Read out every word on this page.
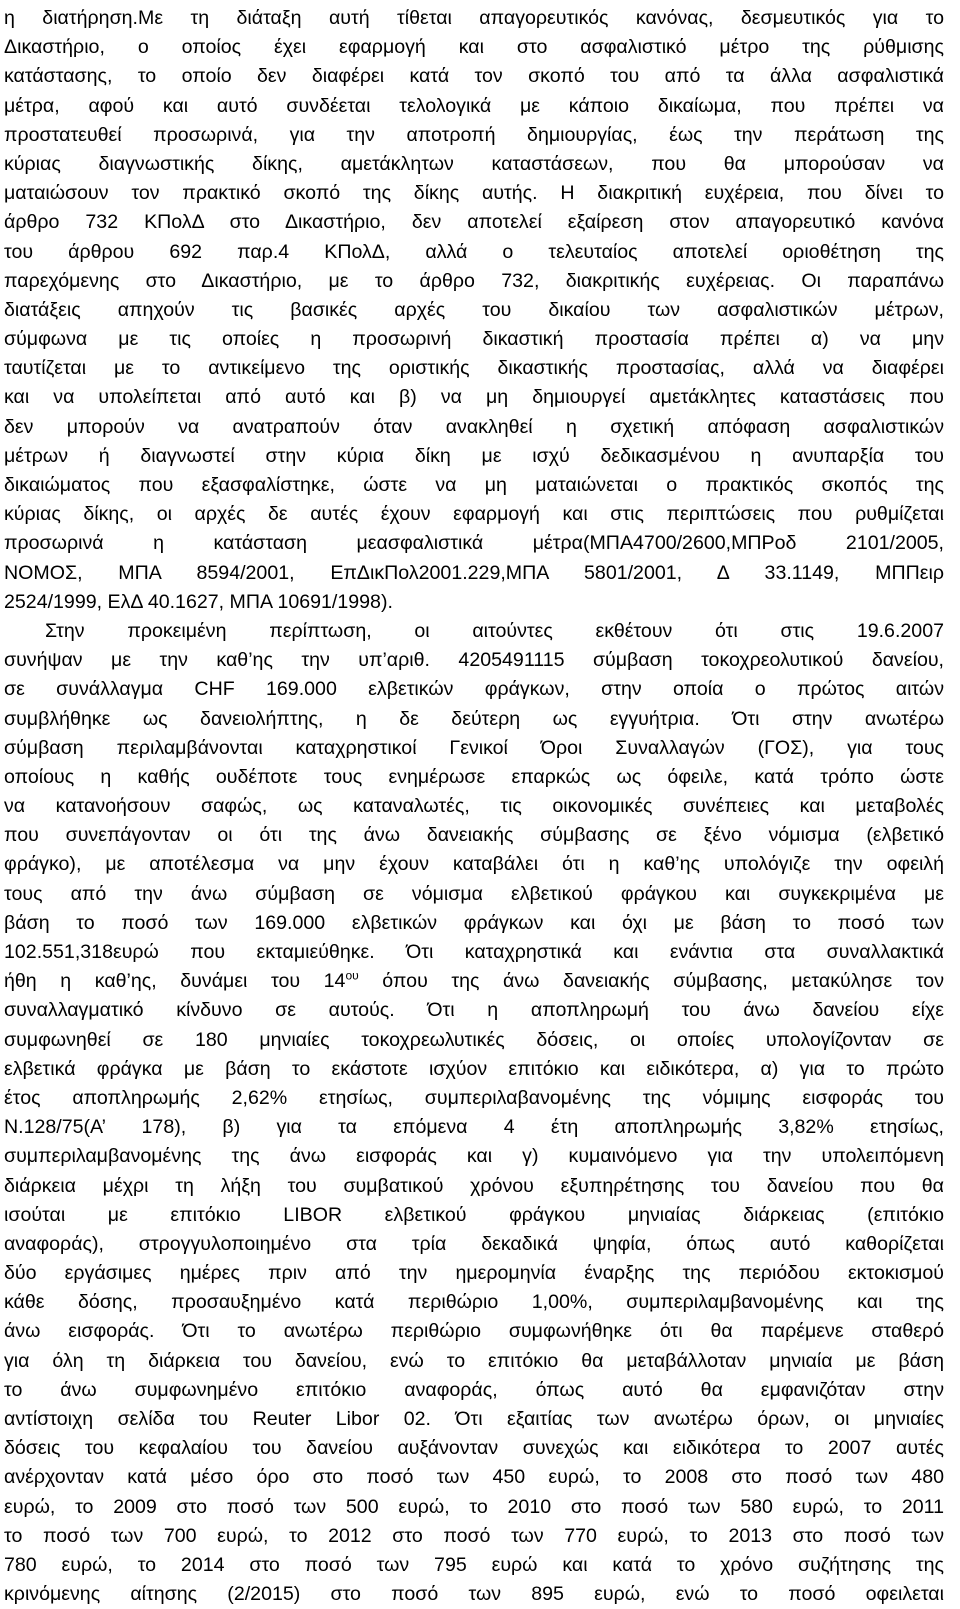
η διατήρηση.Με τη διάταξη αυτή τίθεται απαγορευτικός κανόνας, δεσμευτικός για το
Δικαστήριο, ο οποίος έχει εφαρμογή και στο ασφαλιστικό μέτρο της ρύθμισης
κατάστασης, το οποίο δεν διαφέρει κατά τον σκοπό του από τα άλλα ασφαλιστικά
μέτρα, αφού και αυτό συνδέεται τελολογικά με κάποιο δικαίωμα, που πρέπει να
προστατευθεί προσωρινά, για την αποτροπή δημιουργίας, έως την περάτωση της
κύριας διαγνωστικής δίκης, αμετάκλητων καταστάσεων, που θα μπορούσαν να
ματαιώσουν τον πρακτικό σκοπό της δίκης αυτής. Η διακριτική ευχέρεια, που δίνει το
άρθρο 732 ΚΠολΔ στο Δικαστήριο, δεν αποτελεί εξαίρεση στον απαγορευτικό κανόνα
του άρθρου 692 παρ.4 ΚΠολΔ, αλλά ο τελευταίος αποτελεί οριοθέτηση της
παρεχόμενης στο Δικαστήριο, με το άρθρο 732, διακριτικής ευχέρειας. Οι παραπάνω
διατάξεις απηχούν τις βασικές αρχές του δικαίου των ασφαλιστικών μέτρων,
σύμφωνα με τις οποίες η προσωρινή δικαστική προστασία πρέπει α) να μην
ταυτίζεται με το αντικείμενο της οριστικής δικαστικής προστασίας, αλλά να διαφέρει
και να υπολείπεται από αυτό και β) να μη δημιουργεί αμετάκλητες καταστάσεις που
δεν μπορούν να ανατραπούν όταν ανακληθεί η σχετική απόφαση ασφαλιστικών
μέτρων ή διαγνωστεί στην κύρια δίκη με ισχύ δεδικασμένου η ανυπαρξία του
δικαιώματος που εξασφαλίστηκε, ώστε να μη ματαιώνεται ο πρακτικός σκοπός της
κύριας δίκης, οι αρχές δε αυτές έχουν εφαρμογή και στις περιπτώσεις που ρυθμίζεται
προσωρινά η κατάσταση μεασφαλιστικά μέτρα(ΜΠΑ4700/2600,ΜΠΡοδ 2101/2005,
ΝΟΜΟΣ, ΜΠΑ 8594/2001, ΕπΔικΠολ2001.229,ΜΠΑ 5801/2001, Δ 33.1149, ΜΠΠειρ
2524/1999, ΕλΔ 40.1627, ΜΠΑ 10691/1998).
Στην προκειμένη περίπτωση, οι αιτούντες εκθέτουν ότι στις 19.6.2007
συνήψαν με την καθ’ης την υπ’αριθ. 4205491115 σύμβαση τοκοχρεολυτικού δανείου,
σε συνάλλαγμα CHF 169.000 ελβετικών φράγκων, στην οποία ο πρώτος αιτών
συμβλήθηκε ως δανειολήπτης, η δε δεύτερη ως εγγυήτρια. Ότι στην ανωτέρω
σύμβαση περιλαμβάνονται καταχρηστικοί Γενικοί Όροι Συναλλαγών (ΓΟΣ), για τους
οποίους η καθής ουδέποτε τους ενημέρωσε επαρκώς ως όφειλε, κατά τρόπο ώστε
να κατανοήσουν σαφώς, ως καταναλωτές, τις οικονομικές συνέπειες και μεταβολές
που συνεπάγονταν οι ότι της άνω δανειακής σύμβασης σε ξένο νόμισμα (ελβετικό
φράγκο), με αποτέλεσμα να μην έχουν καταβάλει ότι η καθ’ης υπολόγιζε την οφειλή
τους από την άνω σύμβαση σε νόμισμα ελβετικού φράγκου και συγκεκριμένα με
βάση το ποσό των 169.000 ελβετικών φράγκων και όχι με βάση το ποσό των
102.551,318ευρώ που εκταμιεύθηκε. Ότι καταχρηστικά και ενάντια στα συναλλακτικά
ήθη η καθ’ης, δυνάμει του $14^{o\upsilon}$ όπου της άνω δανειακής σύμβασης, μετακύλησε τον
συναλλαγματικό κίνδυνο σε αυτούς. Ότι η αποπληρωμή του άνω δανείου είχε
συμφωνηθεί σε 180 μηνιαίες τοκοχρεωλυτικές δόσεις, οι οποίες υπολογίζονταν σε
ελβετικά φράγκα με βάση το εκάστοτε ισχύον επιτόκιο και ειδικότερα, α) για το πρώτο
έτος αποπληρωμής 2,62% ετησίως, συμπεριλαβανομένης της νόμιμης εισφοράς του
Ν.128/75(Α’ 178), β) για τα επόμενα 4 έτη αποπληρωμής 3,82% ετησίως,
συμπεριλαμβανομένης της άνω εισφοράς και γ) κυμαινόμενο για την υπολειπόμενη
διάρκεια μέχρι τη λήξη του συμβατικού χρόνου εξυπηρέτησης του δανείου που θα
ισούται με επιτόκιο LIBOR ελβετικού φράγκου μηνιαίας διάρκειας (επιτόκιο
αναφοράς), στρογγυλοποιημένο στα τρία δεκαδικά ψηφία, όπως αυτό καθορίζεται
δύο εργάσιμες ημέρες πριν από την ημερομηνία έναρξης της περιόδου εκτοκισμού
κάθε δόσης, προσαυξημένο κατά περιθώριο 1,00%, συμπεριλαμβανομένης και της
άνω εισφοράς. Ότι το ανωτέρω περιθώριο συμφωνήθηκε ότι θα παρέμενε σταθερό
για όλη τη διάρκεια του δανείου, ενώ το επιτόκιο θα μεταβάλλοταν μηνιαία με βάση
το άνω συμφωνημένο επιτόκιο αναφοράς, όπως αυτό θα εμφανιζόταν στην
αντίστοιχη σελίδα του Reuter Libor 02. Ότι εξαιτίας των ανωτέρω όρων, οι μηνιαίες
δόσεις του κεφαλαίου του δανείου αυξάνονταν συνεχώς και ειδικότερα το 2007 αυτές
ανέρχονταν κατά μέσο όρο στο ποσό των 450 ευρώ, το 2008 στο ποσό των 480
ευρώ, το 2009 στο ποσό των 500 ευρώ, το 2010 στο ποσό των 580 ευρώ, το 2011
το ποσό των 700 ευρώ, το 2012 στο ποσό των 770 ευρώ, το 2013 στο ποσό των
780 ευρώ, το 2014 στο ποσό των 795 ευρώ και κατά το χρόνο συζήτησης της
κρινόμενης αίτησης (2/2015) στο ποσό των 895 ευρώ, ενώ το ποσό οφειλεται
